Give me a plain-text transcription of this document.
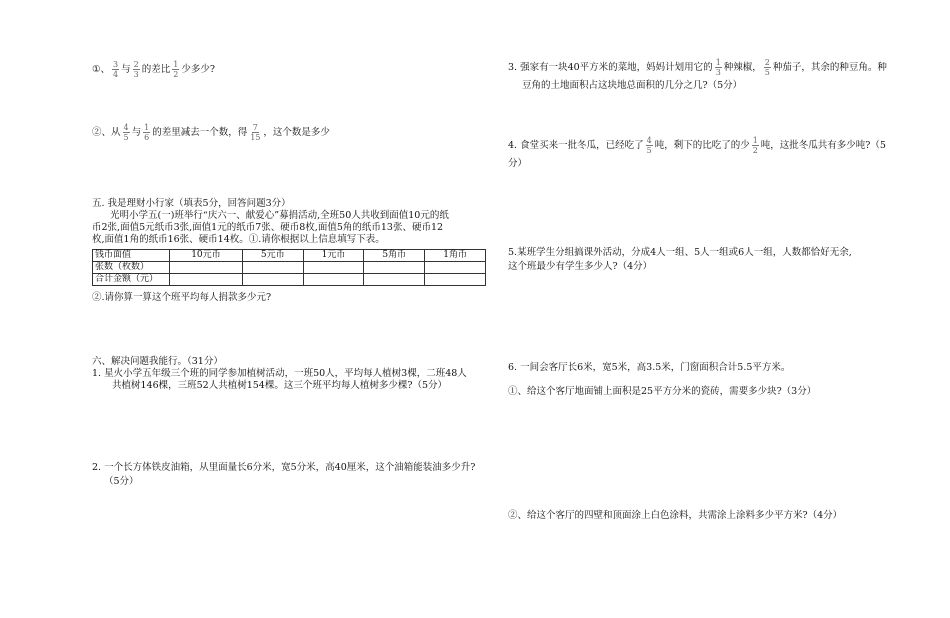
①、 $\frac{3}{4}$ 与 $\frac{2}{3}$ 的差比 $\frac{1}{2}$ 少多少?
②、从 $\frac{4}{5}$ 与 $\frac{1}{6}$ 的差里减去一个数，得 $\frac{7}{15}$ ，这个数是多少
五. 我是理财小行家（填表5分，回答问题3分）
光明小学五(一)班举行“庆六一、献爱心”募捐活动,全班50人共收到面值10元的纸
币2张,面值5元纸币3张,面值1元的纸币7张、硬币8枚,面值5角的纸币13张、硬币12
枚,面值1角的纸币16张、硬币14枚。①.请你根据以上信息填写下表。
钱币面值	10元币	5元币	1元币	5角币	1角币
张数（枚数）					
合计金额（元）					
②.请你算一算这个班平均每人捐款多少元?
六、解决问题我能行。（31分）
1. 星火小学五年级三个班的同学参加植树活动，一班50人，平均每人植树3棵，二班48人
共植树146棵，三班52人共植树154棵。这三个班平均每人植树多少棵?（5分）
2. 一个长方体铁皮油箱，从里面量长6分米，宽5分米，高40厘米，这个油箱能装油多少升?
（5分）
3. 强家有一块40平方米的菜地，妈妈计划用它的 $\frac{1}{3}$ 种辣椒， $\frac{2}{5}$ 种茄子，其余的种豆角。种
豆角的土地面积占这块地总面积的几分之几?（5分）
4. 食堂买来一批冬瓜，已经吃了 $\frac{4}{5}$ 吨，剩下的比吃了的少 $\frac{1}{2}$ 吨，这批冬瓜共有多少吨?（5
分）
5.某班学生分组搞课外活动，分成4人一组、5人一组或6人一组，人数都恰好无余,
这个班最少有学生多少人?（4分）
6. 一间会客厅长6米，宽5米，高3.5米，门窗面积合计5.5平方米。
①、给这个客厅地面铺上面积是25平方分米的瓷砖，需要多少块?（3分）
②、给这个客厅的四壁和顶面涂上白色涂料，共需涂上涂料多少平方米?（4分）
